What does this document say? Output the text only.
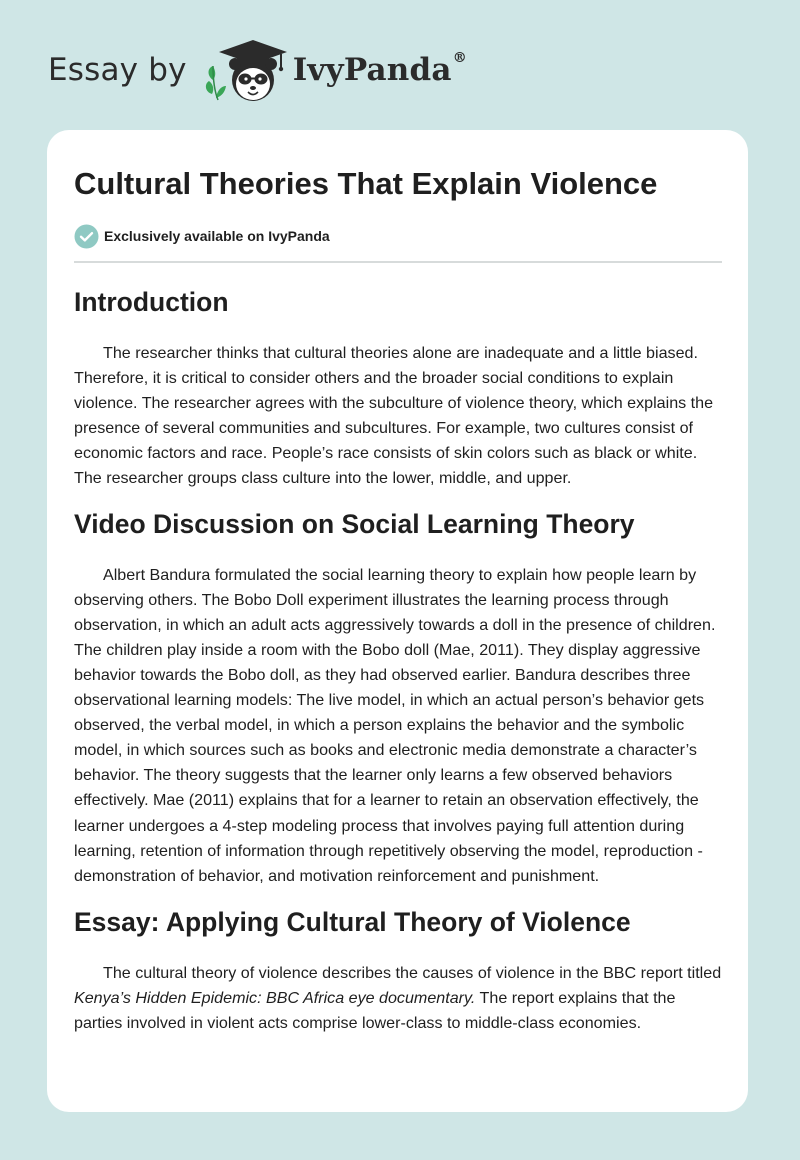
Essay by	IvyPanda®
Cultural Theories That Explain Violence
Exclusively available on IvyPanda
Introduction

The researcher thinks that cultural theories alone are inadequate and a little biased. Therefore, it is critical to consider others and the broader social conditions to explain violence. The researcher agrees with the subculture of violence theory, which explains the presence of several communities and subcultures. For example, two cultures consist of economic factors and race. People’s race consists of skin colors such as black or white. The researcher groups class culture into the lower, middle, and upper.

Video Discussion on Social Learning Theory

Albert Bandura formulated the social learning theory to explain how people learn by observing others. The Bobo Doll experiment illustrates the learning process through observation, in which an adult acts aggressively towards a doll in the presence of children. The children play inside a room with the Bobo doll (Mae, 2011). They display aggressive behavior towards the Bobo doll, as they had observed earlier. Bandura describes three observational learning models: The live model, in which an actual person’s behavior gets observed, the verbal model, in which a person explains the behavior and the symbolic model, in which sources such as books and electronic media demonstrate a character’s behavior. The theory suggests that the learner only learns a few observed behaviors effectively. Mae (2011) explains that for a learner to retain an observation effectively, the learner undergoes a 4-step modeling process that involves paying full attention during learning, retention of information through repetitively observing the model, reproduction -demonstration of behavior, and motivation reinforcement and punishment.

Essay: Applying Cultural Theory of Violence

The cultural theory of violence describes the causes of violence in the BBC report titled Kenya’s Hidden Epidemic: BBC Africa eye documentary. The report explains that the parties involved in violent acts comprise lower-class to middle-class economies.
